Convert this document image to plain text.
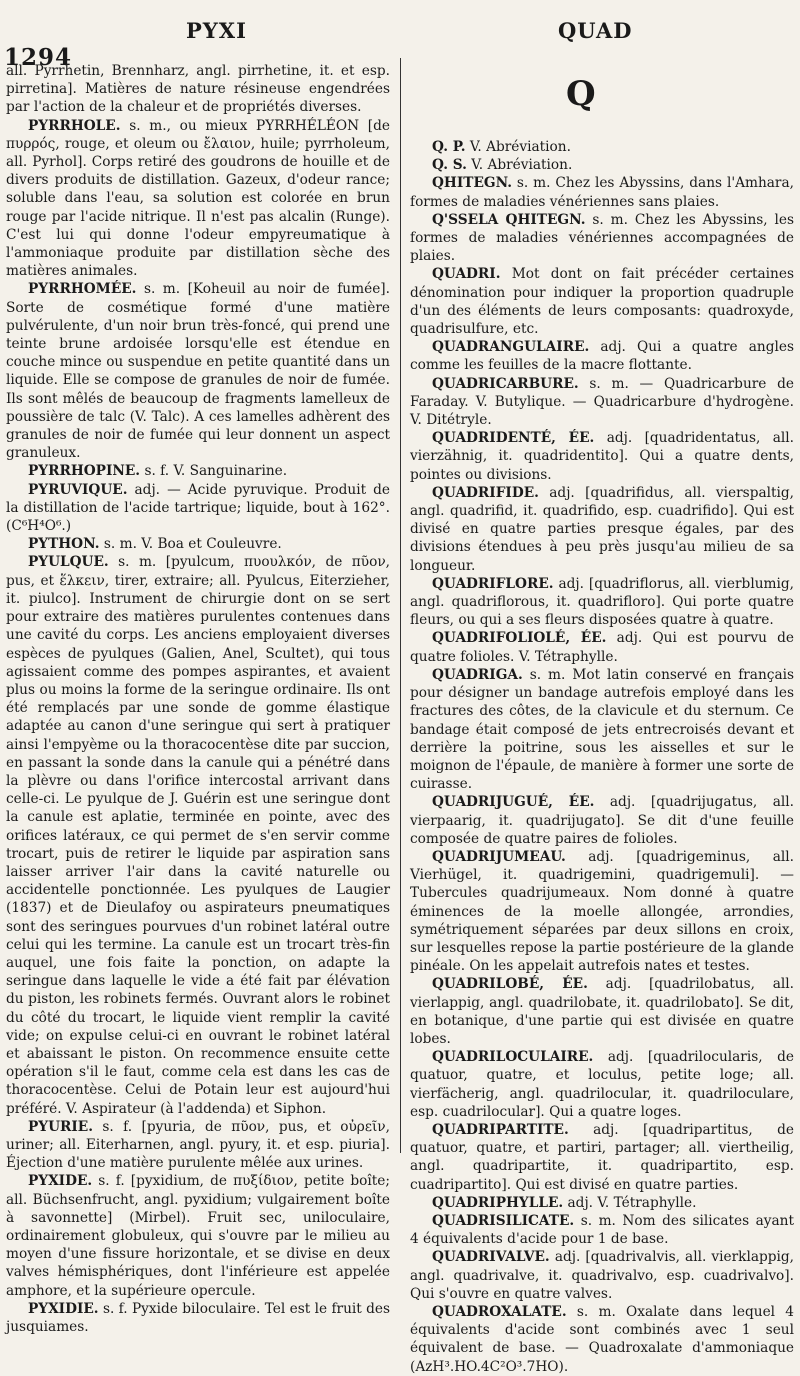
1294
PYXI	QUAD
Q

all. Pyrrhetin, Brennharz, angl. pirrhetine, it. et esp. pirretina]. Matières de nature résineuse engendrées par l'action de la chaleur et de propriétés diverses.

PYRRHOLE. s. m., ou mieux PYRRHÉLÉON [de πυρρός, rouge, et oleum ou ἔλαιον, huile; pyrrholeum, all. Pyrhol]. Corps retiré des goudrons de houille et de divers produits de distillation. Gazeux, d'odeur rance; soluble dans l'eau, sa solution est colorée en brun rouge par l'acide nitrique. Il n'est pas alcalin (Runge). C'est lui qui donne l'odeur empyreumatique à l'ammoniaque produite par distillation sèche des matières animales.

PYRRHOMÉE. s. m. [Koheuil au noir de fumée]. Sorte de cosmétique formé d'une matière pulvérulente, d'un noir brun très-foncé, qui prend une teinte brune ardoisée lorsqu'elle est étendue en couche mince ou suspendue en petite quantité dans un liquide. Elle se compose de granules de noir de fumée. Ils sont mêlés de beaucoup de fragments lamelleux de poussière de talc (V. Talc). A ces lamelles adhèrent des granules de noir de fumée qui leur donnent un aspect granuleux.

PYRRHOPINE. s. f. V. Sanguinarine.

PYRUVIQUE. adj. — Acide pyruvique. Produit de la distillation de l'acide tartrique; liquide, bout à 162°. (C⁶H⁴O⁶.)

PYTHON. s. m. V. Boa et Couleuvre.

PYULQUE. s. m. [pyulcum, πυουλκόν, de πῦον, pus, et ἕλκειν, tirer, extraire; all. Pyulcus, Eiterzieher, it. piulco]. Instrument de chirurgie dont on se sert pour extraire des matières purulentes contenues dans une cavité du corps. Les anciens employaient diverses espèces de pyulques (Galien, Anel, Scultet), qui tous agissaient comme des pompes aspirantes, et avaient plus ou moins la forme de la seringue ordinaire. Ils ont été remplacés par une sonde de gomme élastique adaptée au canon d'une seringue qui sert à pratiquer ainsi l'empyème ou la thoracocentèse dite par succion, en passant la sonde dans la canule qui a pénétré dans la plèvre ou dans l'orifice intercostal arrivant dans celle-ci. Le pyulque de J. Guérin est une seringue dont la canule est aplatie, terminée en pointe, avec des orifices latéraux, ce qui permet de s'en servir comme trocart, puis de retirer le liquide par aspiration sans laisser arriver l'air dans la cavité naturelle ou accidentelle ponctionnée. Les pyulques de Laugier (1837) et de Dieulafoy ou aspirateurs pneumatiques sont des seringues pourvues d'un robinet latéral outre celui qui les termine. La canule est un trocart très-fin auquel, une fois faite la ponction, on adapte la seringue dans laquelle le vide a été fait par élévation du piston, les robinets fermés. Ouvrant alors le robinet du côté du trocart, le liquide vient remplir la cavité vide; on expulse celui-ci en ouvrant le robinet latéral et abaissant le piston. On recommence ensuite cette opération s'il le faut, comme cela est dans les cas de thoracocentèse. Celui de Potain leur est aujourd'hui préféré. V. Aspirateur (à l'addenda) et Siphon.

PYURIE. s. f. [pyuria, de πῦον, pus, et οὐρεῖν, uriner; all. Eiterharnen, angl. pyury, it. et esp. piuria]. Éjection d'une matière purulente mêlée aux urines.

PYXIDE. s. f. [pyxidium, de πυξίδιον, petite boîte; all. Büchsenfrucht, angl. pyxidium; vulgairement boîte à savonnette] (Mirbel). Fruit sec, uniloculaire, ordinairement globuleux, qui s'ouvre par le milieu au moyen d'une fissure horizontale, et se divise en deux valves hémisphériques, dont l'inférieure est appelée amphore, et la supérieure opercule.

PYXIDIE. s. f. Pyxide biloculaire. Tel est le fruit des jusquiames.

Q. P. V. Abréviation.

Q. S. V. Abréviation.

QHITEGN. s. m. Chez les Abyssins, dans l'Amhara, formes de maladies vénériennes sans plaies.

Q'SSELA QHITEGN. s. m. Chez les Abyssins, les formes de maladies vénériennes accompagnées de plaies.

QUADRI. Mot dont on fait précéder certaines dénomination pour indiquer la proportion quadruple d'un des éléments de leurs composants: quadroxyde, quadrisulfure, etc.

QUADRANGULAIRE. adj. Qui a quatre angles comme les feuilles de la macre flottante.

QUADRICARBURE. s. m. — Quadricarbure de Faraday. V. Butylique. — Quadricarbure d'hydrogène. V. Ditétryle.

QUADRIDENTÉ, ÉE. adj. [quadridentatus, all. vierzähnig, it. quadridentito]. Qui a quatre dents, pointes ou divisions.

QUADRIFIDE. adj. [quadrifidus, all. vierspaltig, angl. quadrifid, it. quadrifido, esp. cuadrifido]. Qui est divisé en quatre parties presque égales, par des divisions étendues à peu près jusqu'au milieu de sa longueur.

QUADRIFLORE. adj. [quadriflorus, all. vierblumig, angl. quadriflorous, it. quadrifloro]. Qui porte quatre fleurs, ou qui a ses fleurs disposées quatre à quatre.

QUADRIFOLIOLÉ, ÉE. adj. Qui est pourvu de quatre folioles. V. Tétraphylle.

QUADRIGA. s. m. Mot latin conservé en français pour désigner un bandage autrefois employé dans les fractures des côtes, de la clavicule et du sternum. Ce bandage était composé de jets entrecroisés devant et derrière la poitrine, sous les aisselles et sur le moignon de l'épaule, de manière à former une sorte de cuirasse.

QUADRIJUGUÉ, ÉE. adj. [quadrijugatus, all. vierpaarig, it. quadrijugato]. Se dit d'une feuille composée de quatre paires de folioles.

QUADRIJUMEAU. adj. [quadrigeminus, all. Vierhügel, it. quadrigemini, quadrigemuli]. — Tubercules quadrijumeaux. Nom donné à quatre éminences de la moelle allongée, arrondies, symétriquement séparées par deux sillons en croix, sur lesquelles repose la partie postérieure de la glande pinéale. On les appelait autrefois nates et testes.

QUADRILOBÉ, ÉE. adj. [quadrilobatus, all. vierlappig, angl. quadrilobate, it. quadrilobato]. Se dit, en botanique, d'une partie qui est divisée en quatre lobes.

QUADRILOCULAIRE. adj. [quadrilocularis, de quatuor, quatre, et loculus, petite loge; all. vierfächerig, angl. quadrilocular, it. quadriloculare, esp. cuadrilocular]. Qui a quatre loges.

QUADRIPARTITE. adj. [quadripartitus, de quatuor, quatre, et partiri, partager; all. viertheilig, angl. quadripartite, it. quadripartito, esp. cuadripartito]. Qui est divisé en quatre parties.

QUADRIPHYLLE. adj. V. Tétraphylle.

QUADRISILICATE. s. m. Nom des silicates ayant 4 équivalents d'acide pour 1 de base.

QUADRIVALVE. adj. [quadrivalvis, all. vierklappig, angl. quadrivalve, it. quadrivalvo, esp. cuadrivalvo]. Qui s'ouvre en quatre valves.

QUADROXALATE. s. m. Oxalate dans lequel 4 équivalents d'acide sont combinés avec 1 seul équivalent de base. — Quadroxalate d'ammoniaque (AzH³.HO.4C²O³.7HO).
